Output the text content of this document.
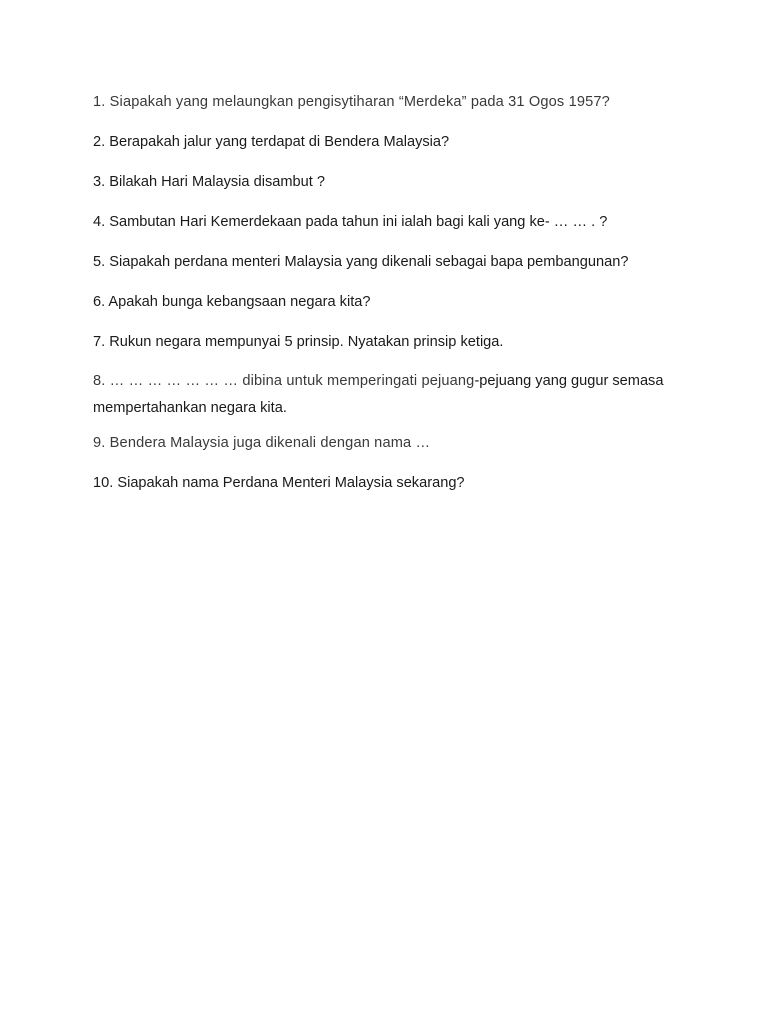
1. Siapakah yang melaungkan pengisytiharan “Merdeka” pada 31 Ogos 1957?

2. Berapakah jalur yang terdapat di Bendera Malaysia?

3. Bilakah Hari Malaysia disambut ?

4. Sambutan Hari Kemerdekaan pada tahun ini ialah bagi kali yang ke- … … . ?

5. Siapakah perdana menteri Malaysia yang dikenali sebagai bapa pembangunan?

6. Apakah bunga kebangsaan negara kita?

7. Rukun negara mempunyai 5 prinsip. Nyatakan prinsip ketiga.

8. … … … … … … … dibina untuk memperingati pejuang-pejuang yang gugur semasa mempertahankan negara kita.

9. Bendera Malaysia juga dikenali dengan nama …

10. Siapakah nama Perdana Menteri Malaysia sekarang?
